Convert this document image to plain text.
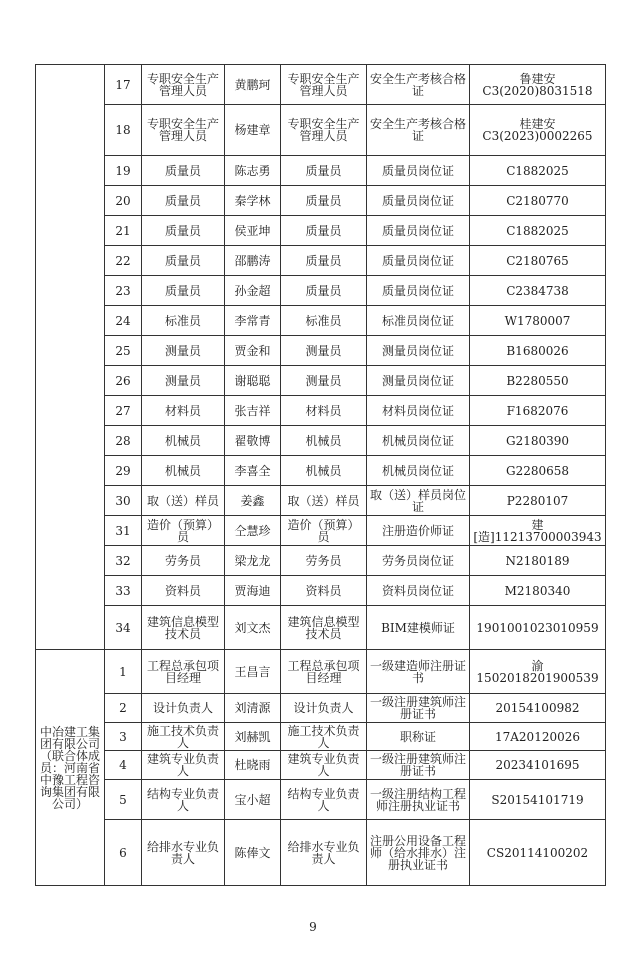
	17	专职安全生产管理人员	黄鹏珂	专职安全生产管理人员	安全生产考核合格证	鲁建安C3(2020)8031518
	18	专职安全生产管理人员	杨建章	专职安全生产管理人员	安全生产考核合格证	桂建安C3(2023)0002265
	19	质量员	陈志勇	质量员	质量员岗位证	C1882025
	20	质量员	秦学林	质量员	质量员岗位证	C2180770
	21	质量员	侯亚坤	质量员	质量员岗位证	C1882025
	22	质量员	邵鹏涛	质量员	质量员岗位证	C2180765
	23	质量员	孙金超	质量员	质量员岗位证	C2384738
	24	标准员	李常青	标准员	标准员岗位证	W1780007
	25	测量员	贾金和	测量员	测量员岗位证	B1680026
	26	测量员	谢聪聪	测量员	测量员岗位证	B2280550
	27	材料员	张吉祥	材料员	材料员岗位证	F1682076
	28	机械员	翟敬博	机械员	机械员岗位证	G2180390
	29	机械员	李喜全	机械员	机械员岗位证	G2280658
	30	取（送）样员	姜鑫	取（送）样员	取（送）样员岗位证	P2280107
	31	造价（预算）员	仝慧珍	造价（预算）员	注册造价师证	建[造]11213700003943
	32	劳务员	梁龙龙	劳务员	劳务员岗位证	N2180189
	33	资料员	贾海迪	资料员	资料员岗位证	M2180340
	34	建筑信息模型技术员	刘文杰	建筑信息模型技术员	BIM建模师证	1901001023010959
中冶建工集团有限公司（联合体成员：河南省中豫工程咨询集团有限公司）	1	工程总承包项目经理	王昌言	工程总承包项目经理	一级建造师注册证书	渝1502018201900539
	2	设计负责人	刘清源	设计负责人	一级注册建筑师注册证书	20154100982
	3	施工技术负责人	刘赫凯	施工技术负责人	职称证	17A20120026
	4	建筑专业负责人	杜晓雨	建筑专业负责人	一级注册建筑师注册证书	20234101695
	5	结构专业负责人	宝小超	结构专业负责人	一级注册结构工程师注册执业证书	S20154101719
	6	给排水专业负责人	陈俸文	给排水专业负责人	注册公用设备工程师（给水排水）注册执业证书	CS20114100202
9
